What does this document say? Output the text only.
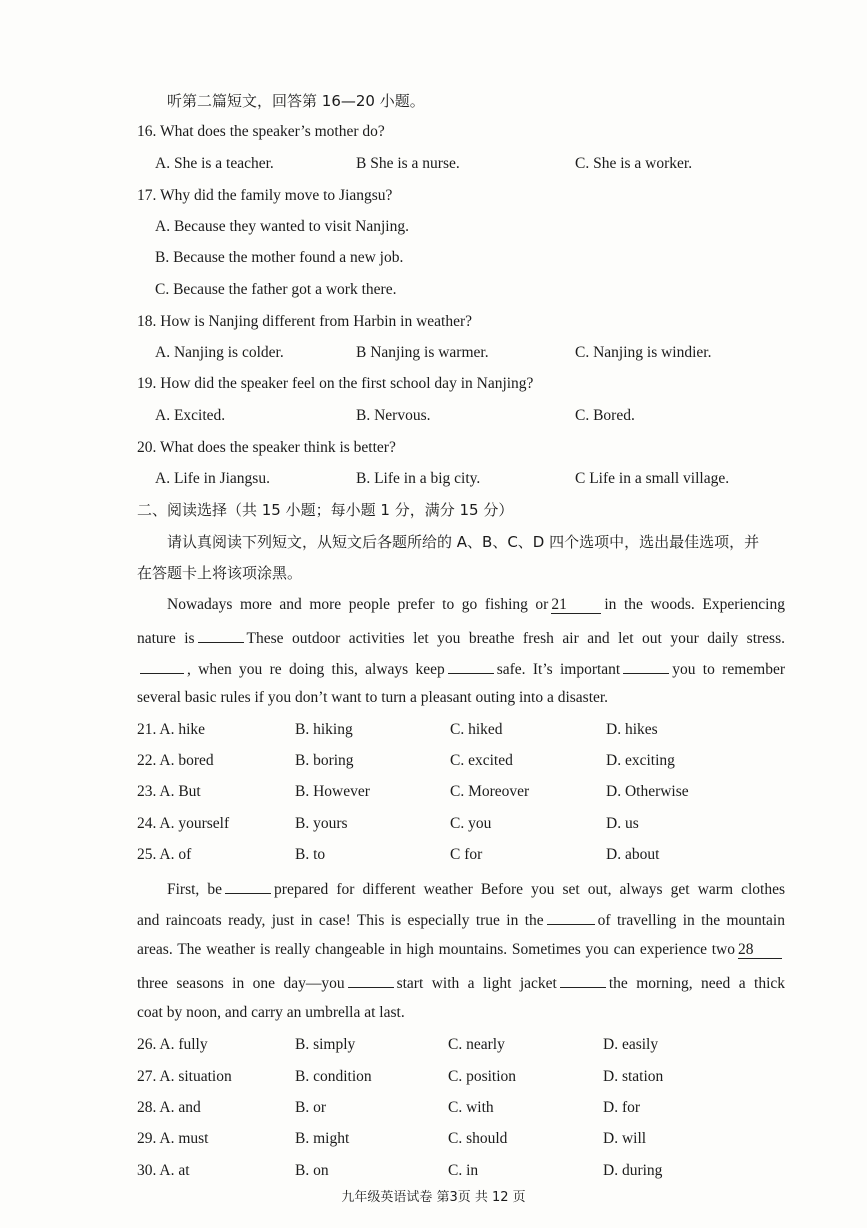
听第二篇短文，回答第 16—20 小题。
16. What does the speaker’s mother do?
A. She is a teacher.	B She is a nurse.	C. She is a worker.
17. Why did the family move to Jiangsu?
A. Because they wanted to visit Nanjing.
B. Because the mother found a new job.
C. Because the father got a work there.
18. How is Nanjing different from Harbin in weather?
A. Nanjing is colder.	B Nanjing is warmer.	C. Nanjing is windier.
19. How did the speaker feel on the first school day in Nanjing?
A. Excited.	B. Nervous.	C. Bored.
20. What does the speaker think is better?
A. Life in Jiangsu.	B. Life in a big city.	C Life in a small village.
二、阅读选择（共 15 小题；每小题 1 分，满分 15 分）
请认真阅读下列短文，从短文后各题所给的 A、B、C、D 四个选项中，选出最佳选项，并
在答题卡上将该项涂黑。
Nowadays more and more people prefer to go fishing or 21 in the woods. Experiencing
nature is	These outdoor activities let you breathe fresh air and let out your daily stress.
, when you re doing this, always keep	safe. It’s important	you to remember
several basic rules if you don’t want to turn a pleasant outing into a disaster.
21. A. hike	B. hiking	C. hiked	D. hikes
22. A. bored	B. boring	C. excited	D. exciting
23. A. But	B. However	C. Moreover	D. Otherwise
24. A. yourself	B. yours	C. you	D. us
25. A. of	B. to	C for	D. about
First, be	prepared for different weather Before you set out, always get warm clothes
and raincoats ready, just in case! This is especially true in the	of travelling in the mountain
areas. The weather is really changeable in high mountains. Sometimes you can experience two 28
three seasons in one day—you	start with a light jacket	the morning, need a thick
coat by noon, and carry an umbrella at last.
26. A. fully	B. simply	C. nearly	D. easily
27. A. situation	B. condition	C. position	D. station
28. A. and	B. or	C. with	D. for
29. A. must	B. might	C. should	D. will
30. A. at	B. on	C. in	D. during
九年级英语试卷 第3页 共 12 页
